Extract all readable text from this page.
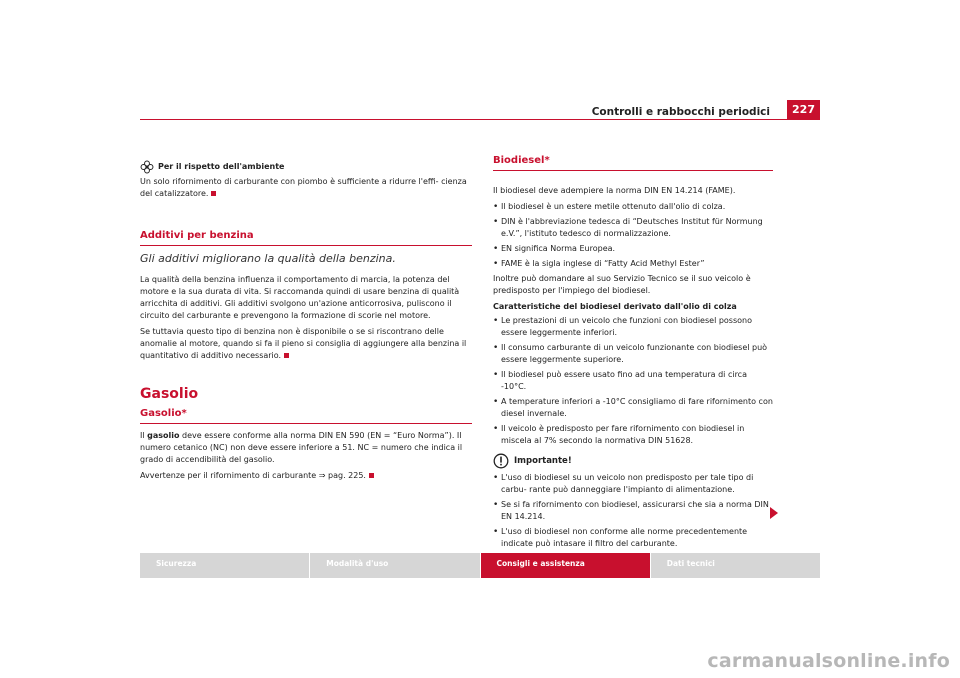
Controlli e rabbocchi periodici	227
Per il rispetto dell'ambiente

Un solo rifornimento di carburante con piombo è sufficiente a ridurre l'effi- cienza del catalizzatore.

Additivi per benzina
Gli additivi migliorano la qualità della benzina.

La qualità della benzina influenza il comportamento di marcia, la potenza del motore e la sua durata di vita. Si raccomanda quindi di usare benzina di qualità arricchita di additivi. Gli additivi svolgono un'azione anticorrosiva, puliscono il circuito del carburante e prevengono la formazione di scorie nel motore.

Se tuttavia questo tipo di benzina non è disponibile o se si riscontrano delle anomalie al motore, quando si fa il pieno si consiglia di aggiungere alla benzina il quantitativo di additivo necessario.

Gasolio
Gasolio*

Il gasolio deve essere conforme alla norma DIN EN 590 (EN = “Euro Norma”). Il numero cetanico (NC) non deve essere inferiore a 51. NC = numero che indica il grado di accendibilità del gasolio.

Avvertenze per il rifornimento di carburante ⇒ pag. 225.

Biodiesel*

Il biodiesel deve adempiere la norma DIN EN 14.214 (FAME).

• Il biodiesel è un estere metile ottenuto dall'olio di colza.
• DIN è l'abbreviazione tedesca di “Deutsches Institut für Normung e.V.”, l'istituto tedesco di normalizzazione.
• EN significa Norma Europea.
• FAME è la sigla inglese di “Fatty Acid Methyl Ester”

Inoltre può domandare al suo Servizio Tecnico se il suo veicolo è predisposto per l'impiego del biodiesel.

Caratteristiche del biodiesel derivato dall'olio di colza

• Le prestazioni di un veicolo che funzioni con biodiesel possono essere leggermente inferiori.
• Il consumo carburante di un veicolo funzionante con biodiesel può essere leggermente superiore.
• Il biodiesel può essere usato fino ad una temperatura di circa -10°C.
• A temperature inferiori a -10°C consigliamo di fare rifornimento con diesel invernale.
• Il veicolo è predisposto per fare rifornimento con biodiesel in miscela al 7% secondo la normativa DIN 51628.
Importante!
• L'uso di biodiesel su un veicolo non predisposto per tale tipo di carbu- rante può danneggiare l'impianto di alimentazione.
• Se si fa rifornimento con biodiesel, assicurarsi che sia a norma DIN EN 14.214.
• L'uso di biodiesel non conforme alle norme precedentemente indicate può intasare il filtro del carburante.
Sicurezza	Modalità d'uso	Consigli e assistenza	Dati tecnici
carmanualsonline.info
